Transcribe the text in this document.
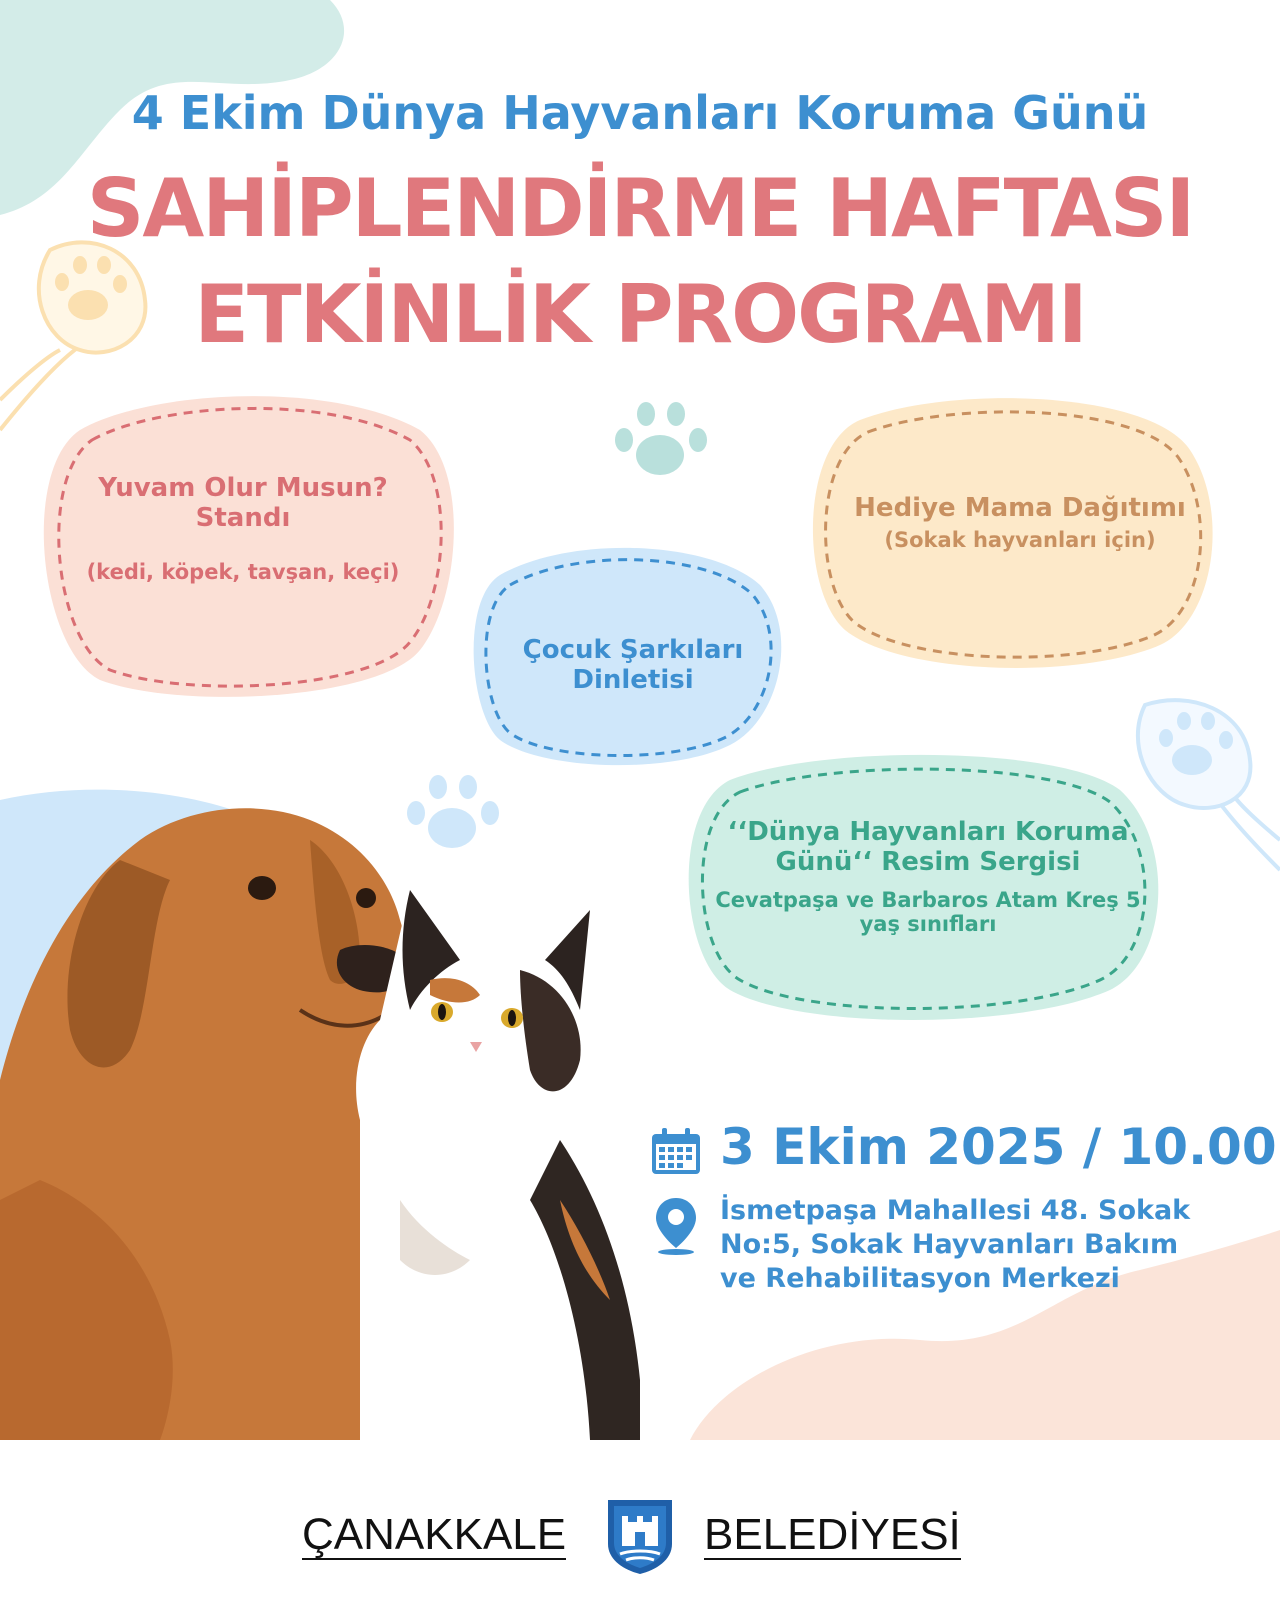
4 Ekim Dünya Hayvanları Koruma Günü
SAHİPLENDİRME HAFTASI
ETKİNLİK PROGRAMI
Yuvam Olur Musun? Standı
(kedi, köpek, tavşan, keçi)
Çocuk Şarkıları Dinletisi
Hediye Mama Dağıtımı
(Sokak hayvanları için)
‘‘Dünya Hayvanları Koruma Günü‘‘ Resim Sergisi
Cevatpaşa ve Barbaros Atam Kreş 5 yaş sınıfları
3 Ekim 2025 / 10.00
İsmetpaşa Mahallesi 48. Sokak No:5, Sokak Hayvanları Bakım ve Rehabilitasyon Merkezi
ÇANAKKALE	BELEDİYESİ
